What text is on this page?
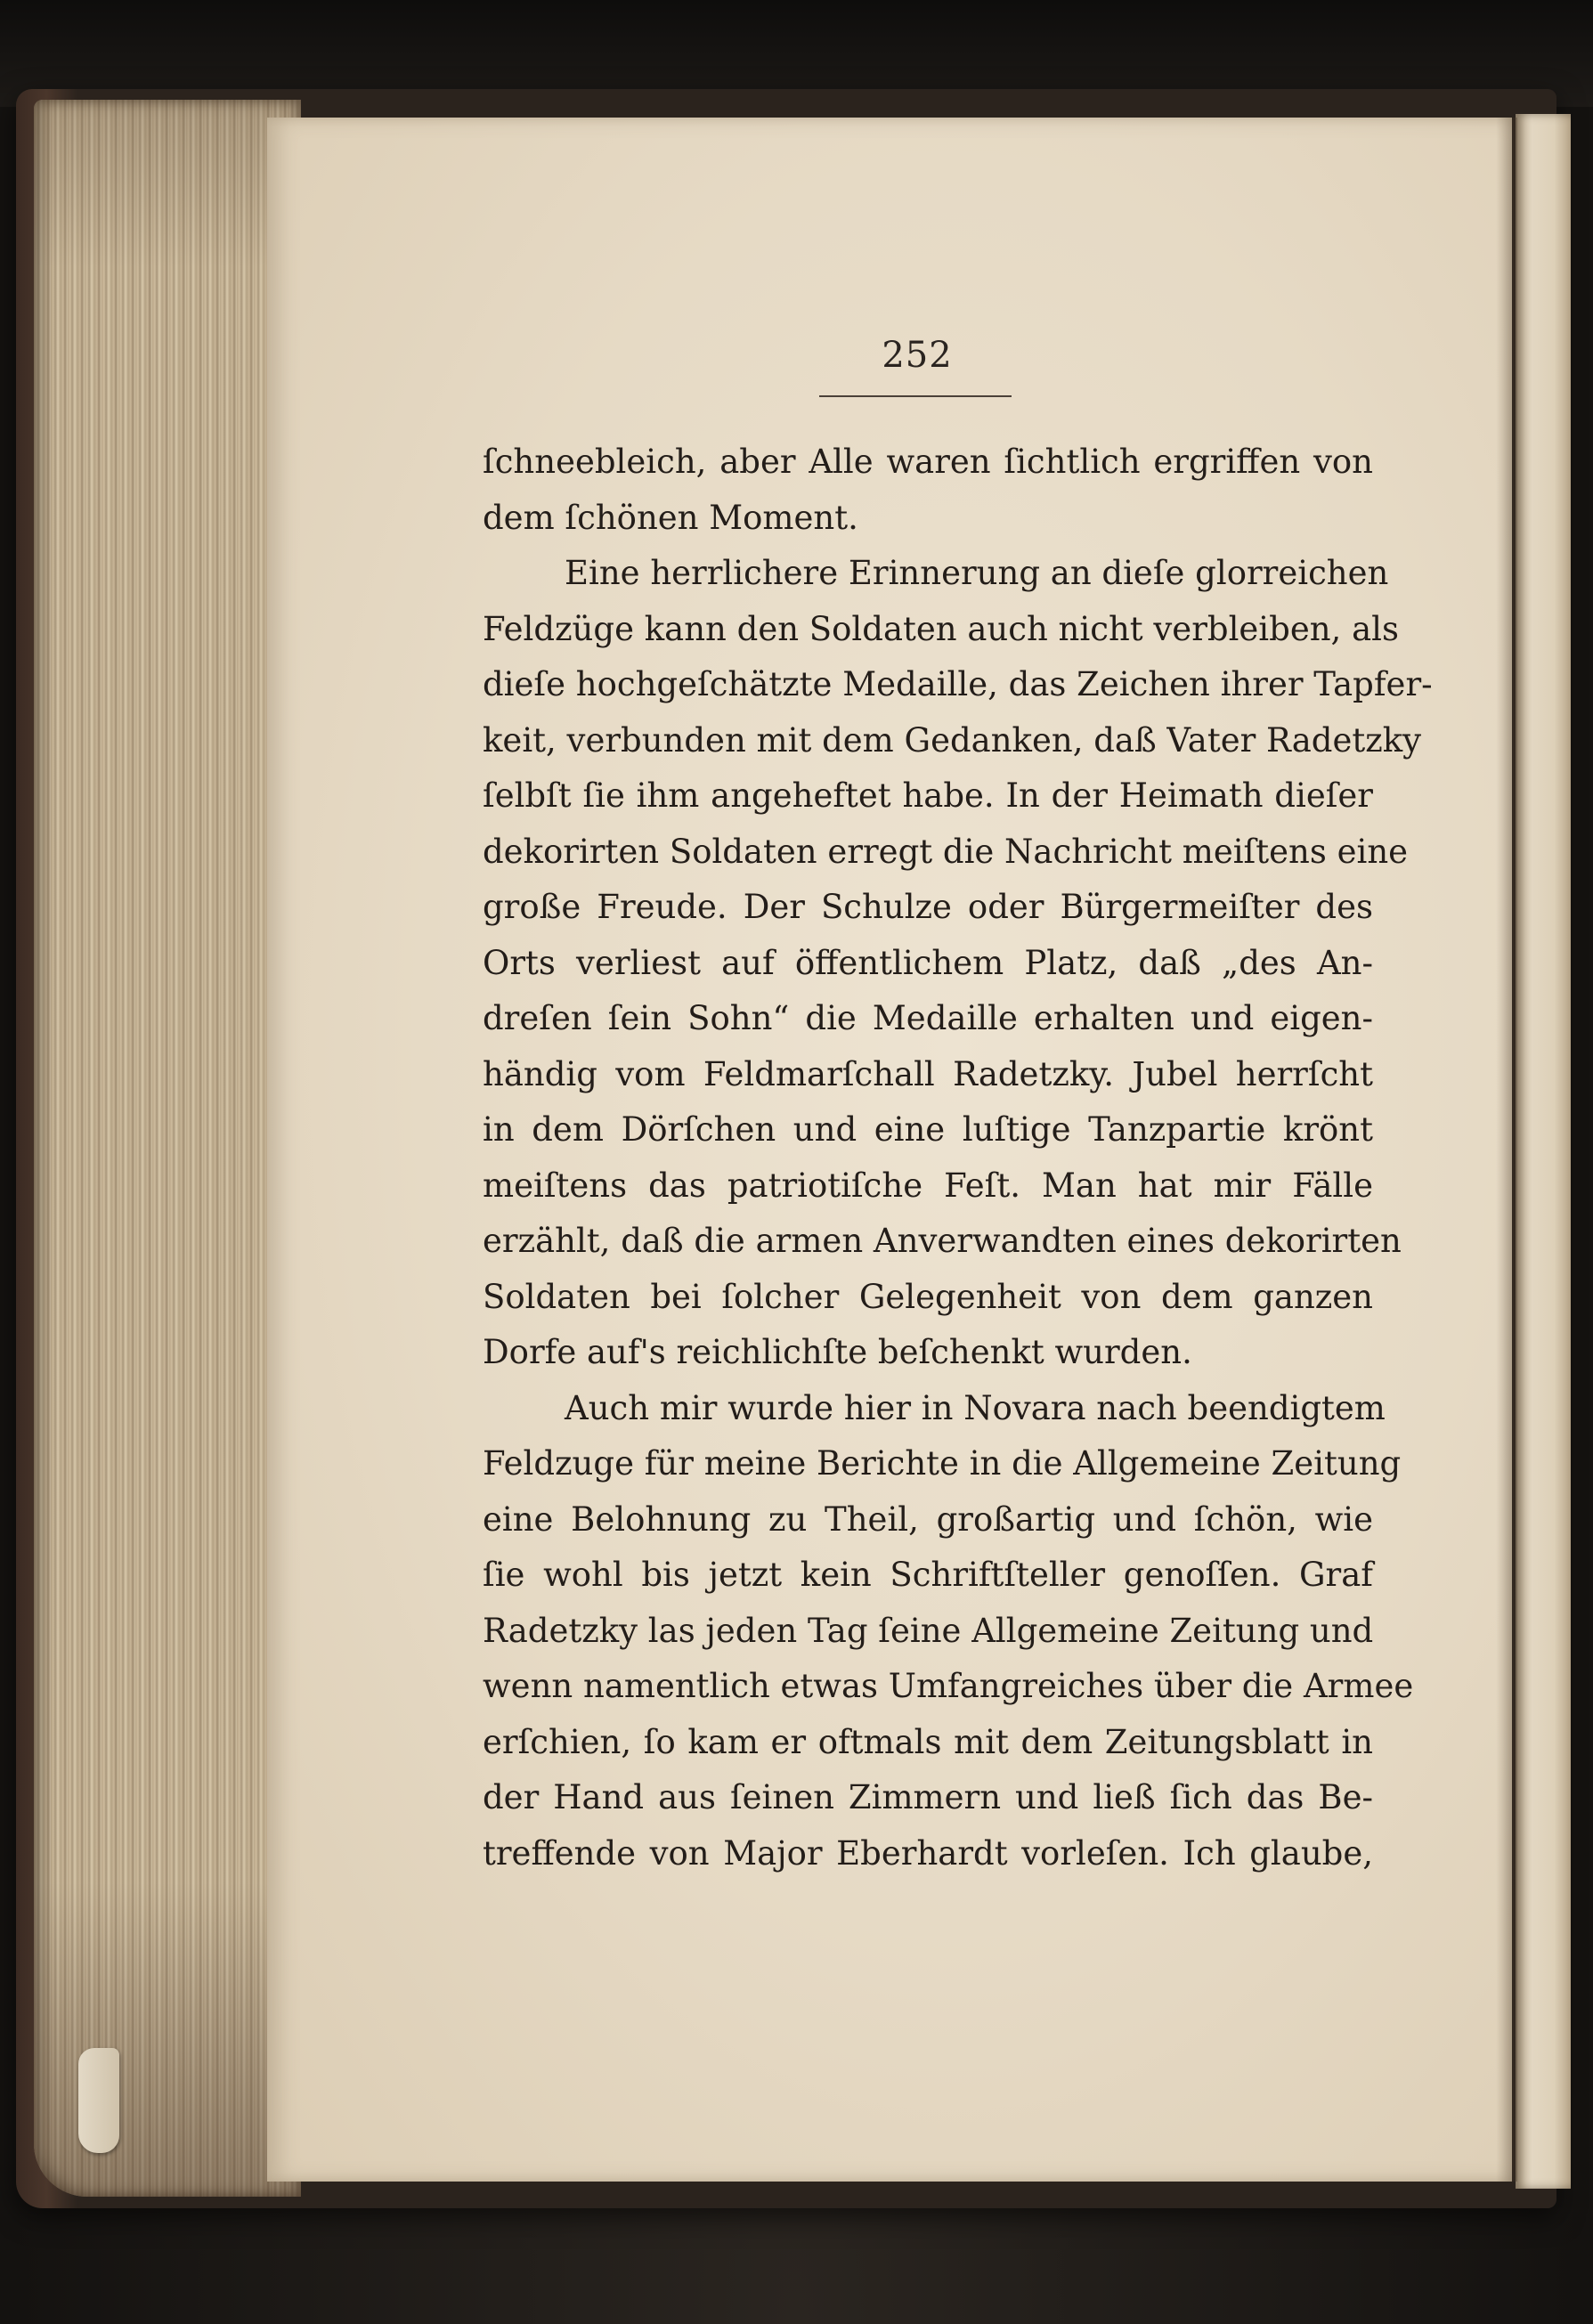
252
ſchneebleich, aber Alle waren ſichtlich ergriffen von
dem ſchönen Moment.
Eine herrlichere Erinnerung an dieſe glorreichen
Feldzüge kann den Soldaten auch nicht verbleiben, als
dieſe hochgeſchätzte Medaille, das Zeichen ihrer Tapfer-
keit, verbunden mit dem Gedanken, daß Vater Radetzky
ſelbſt ſie ihm angeheftet habe. In der Heimath dieſer
dekorirten Soldaten erregt die Nachricht meiſtens eine
große Freude. Der Schulze oder Bürgermeiſter des
Orts verliest auf öffentlichem Platz, daß „des An-
dreſen ſein Sohn“ die Medaille erhalten und eigen-
händig vom Feldmarſchall Radetzky. Jubel herrſcht
in dem Dörſchen und eine luſtige Tanzpartie krönt
meiſtens das patriotiſche Feſt. Man hat mir Fälle
erzählt, daß die armen Anverwandten eines dekorirten
Soldaten bei ſolcher Gelegenheit von dem ganzen
Dorfe auf's reichlichſte beſchenkt wurden.
Auch mir wurde hier in Novara nach beendigtem
Feldzuge für meine Berichte in die Allgemeine Zeitung
eine Belohnung zu Theil, großartig und ſchön, wie
ſie wohl bis jetzt kein Schriftſteller genoſſen. Graf
Radetzky las jeden Tag ſeine Allgemeine Zeitung und
wenn namentlich etwas Umfangreiches über die Armee
erſchien, ſo kam er oftmals mit dem Zeitungsblatt in
der Hand aus ſeinen Zimmern und ließ ſich das Be-
treffende von Major Eberhardt vorleſen. Ich glaube,
